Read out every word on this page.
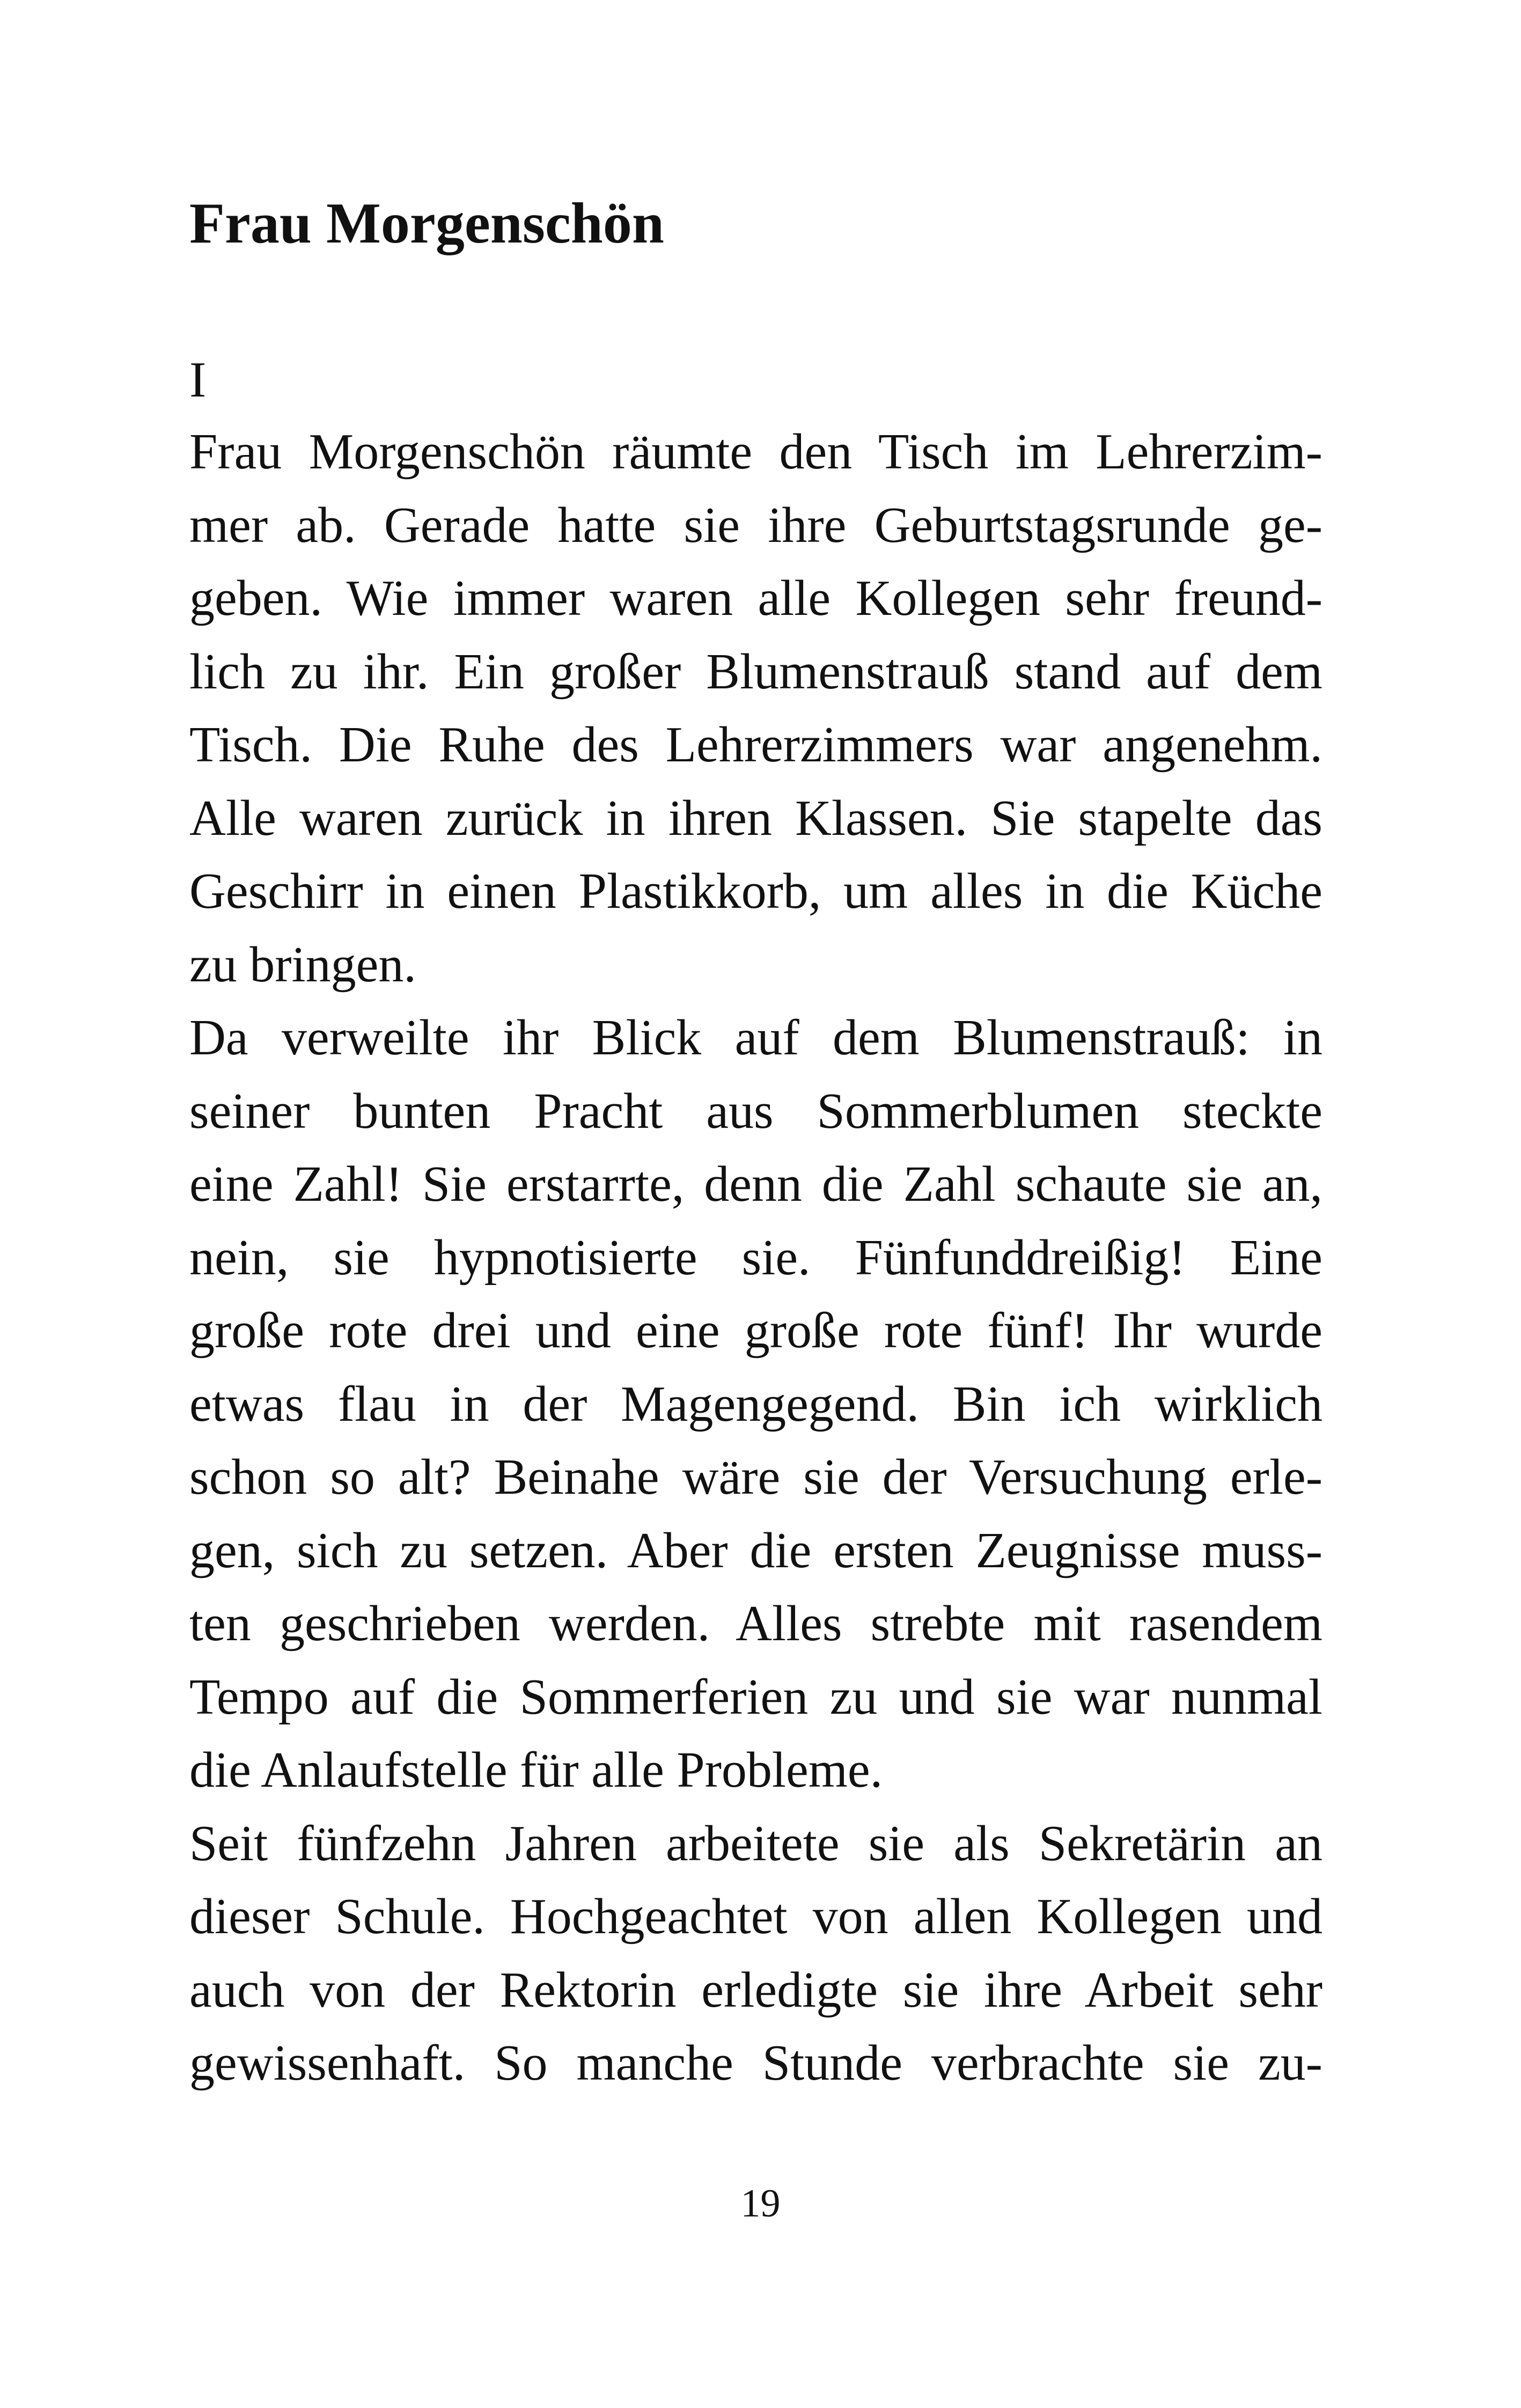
Frau Morgenschön

I

Frau Morgenschön räumte den Tisch im Lehrerzim-
mer ab. Gerade hatte sie ihre Geburtstagsrunde ge-
geben. Wie immer waren alle Kollegen sehr freund-
lich zu ihr. Ein großer Blumenstrauß stand auf dem
Tisch. Die Ruhe des Lehrerzimmers war angenehm.
Alle waren zurück in ihren Klassen. Sie stapelte das
Geschirr in einen Plastikkorb, um alles in die Küche
zu bringen.
Da verweilte ihr Blick auf dem Blumenstrauß: in
seiner bunten Pracht aus Sommerblumen steckte
eine Zahl! Sie erstarrte, denn die Zahl schaute sie an,
nein, sie hypnotisierte sie. Fünfunddreißig! Eine
große rote drei und eine große rote fünf! Ihr wurde
etwas flau in der Magengegend. Bin ich wirklich
schon so alt? Beinahe wäre sie der Versuchung erle-
gen, sich zu setzen. Aber die ersten Zeugnisse muss-
ten geschrieben werden. Alles strebte mit rasendem
Tempo auf die Sommerferien zu und sie war nunmal
die Anlaufstelle für alle Probleme.
Seit fünfzehn Jahren arbeitete sie als Sekretärin an
dieser Schule. Hochgeachtet von allen Kollegen und
auch von der Rektorin erledigte sie ihre Arbeit sehr
gewissenhaft. So manche Stunde verbrachte sie zu-

19
